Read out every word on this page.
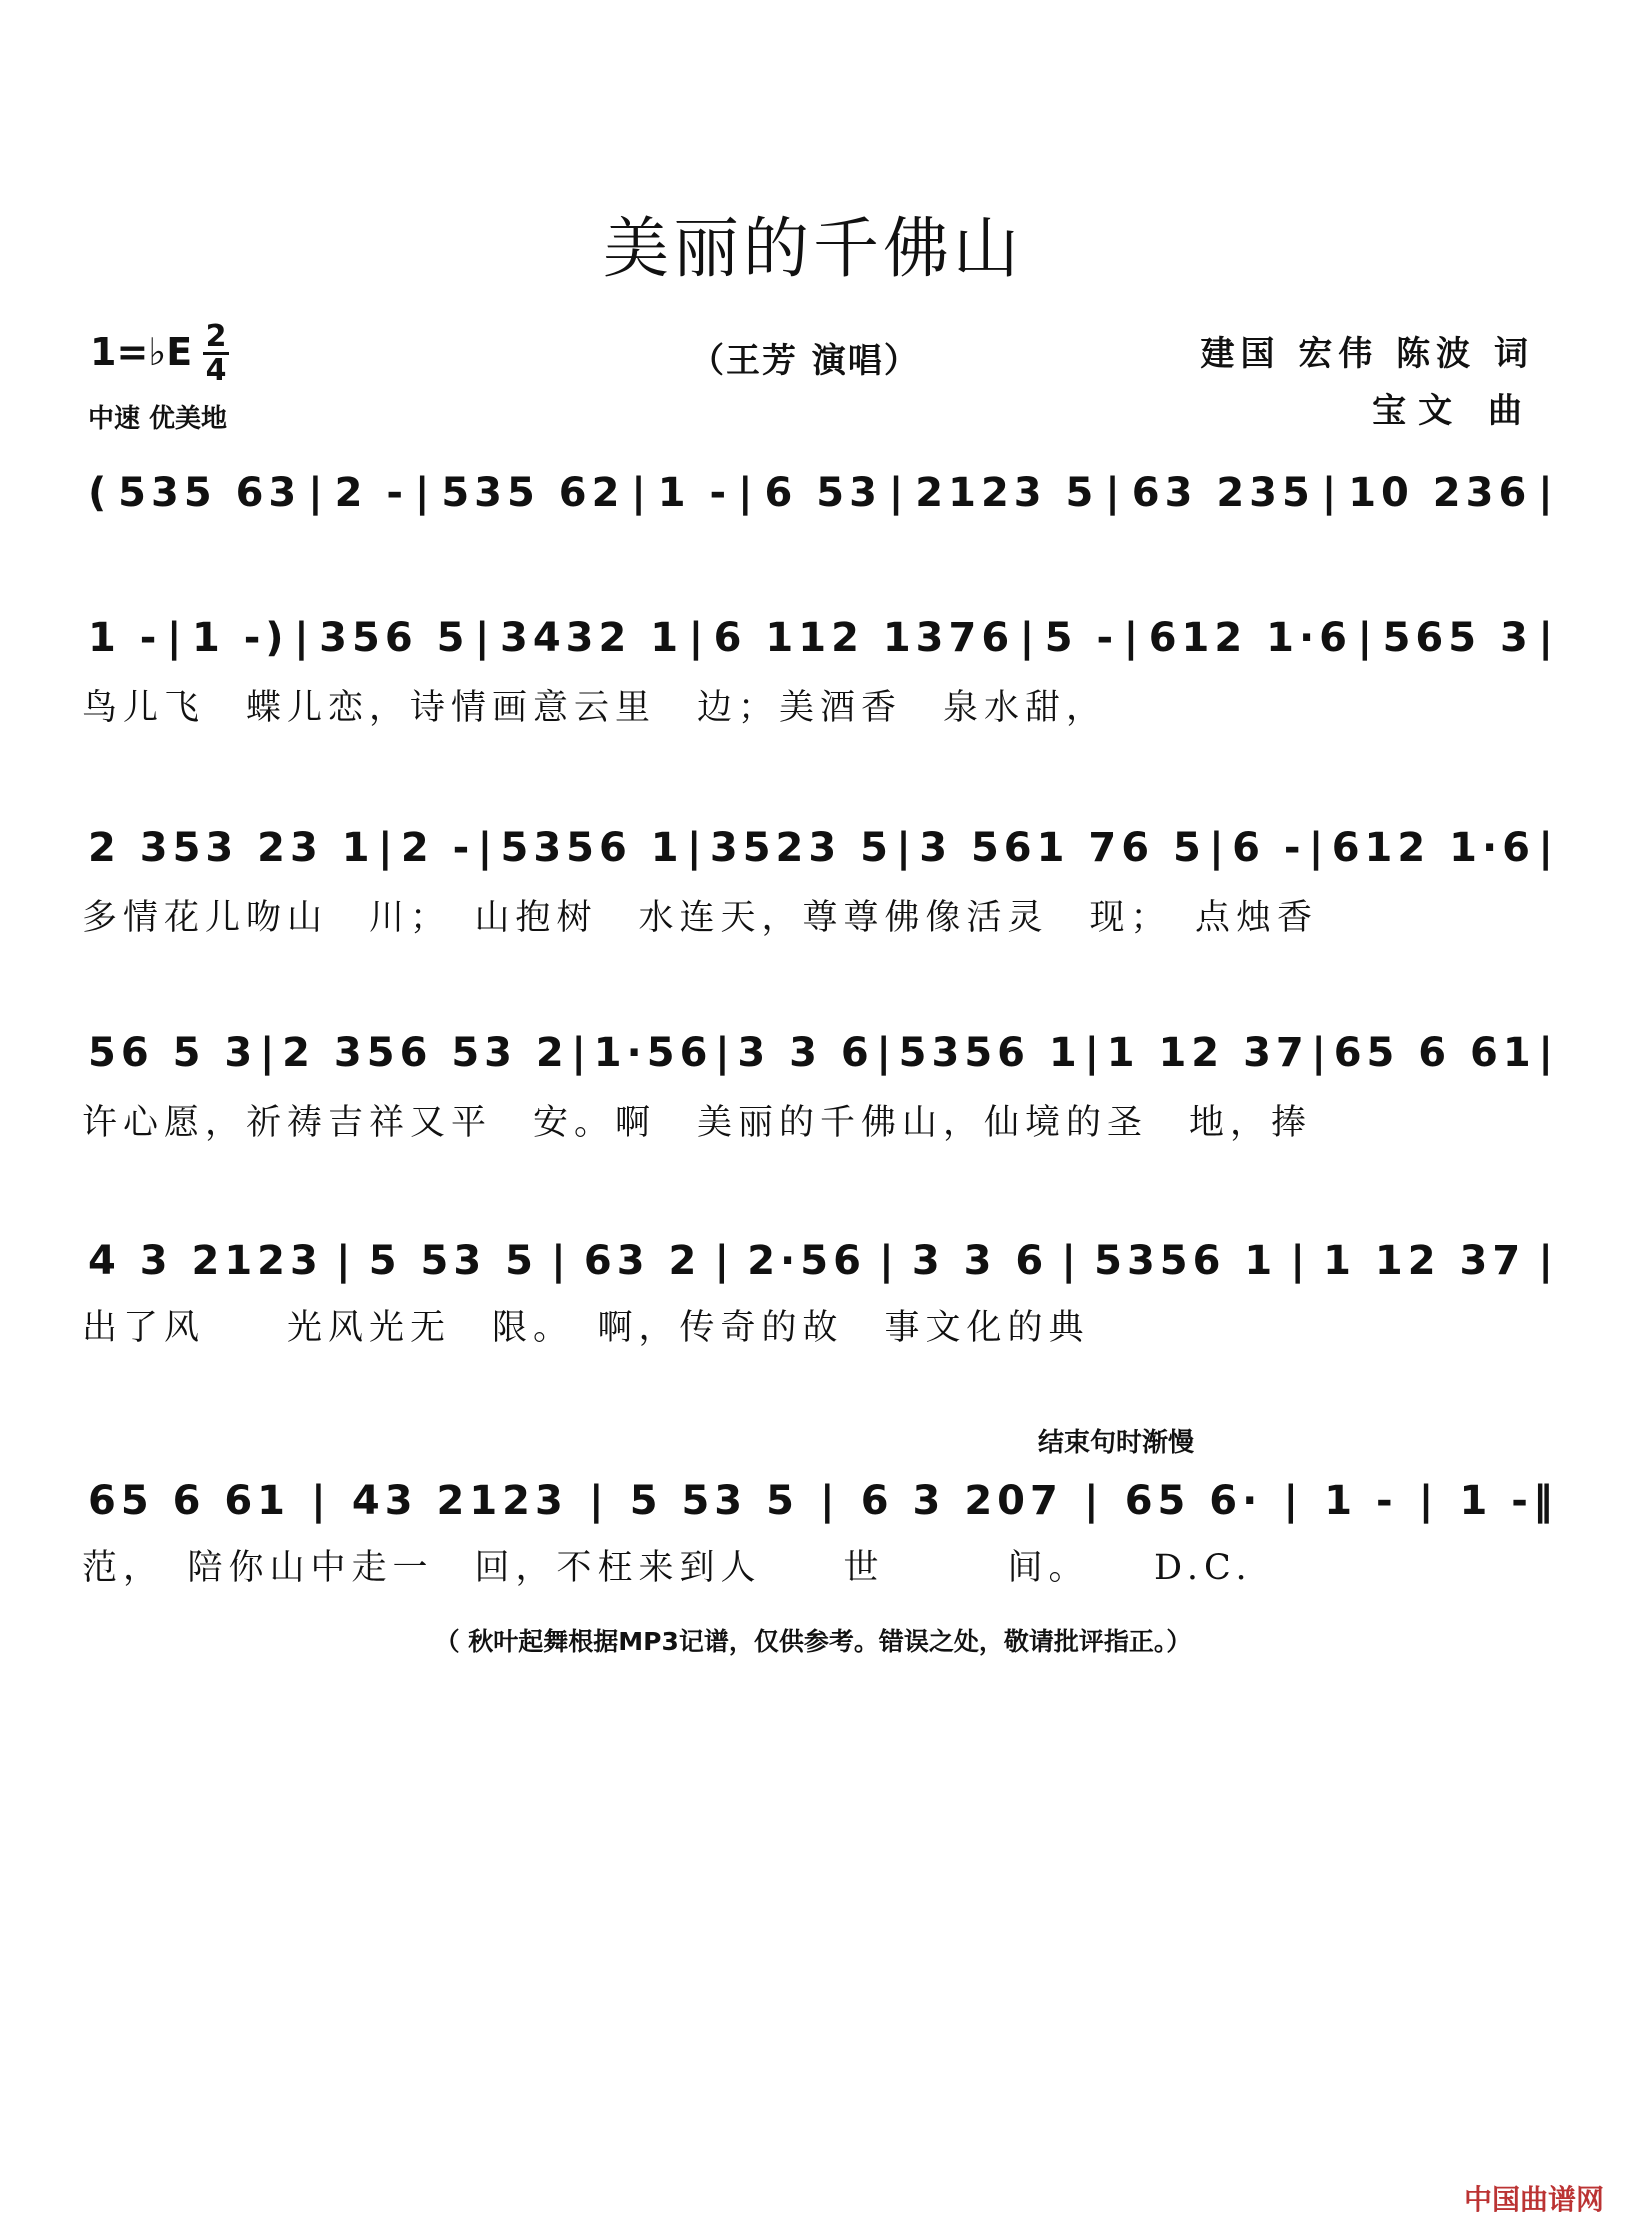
美丽的千佛山
1=♭E 2
4
中速 优美地
（王芳 演唱）	建国 宏伟 陈波 词
宝文 曲
( 535 63 | 2 - | 535 62 | 1 - | 6 53 | 2123 5 | 63 235 | 10 236 |
1 - | 1 -) | 356 5 | 3432 1 | 6 112 1376 | 5 - | 612 1·6 | 565 3 |
鸟儿飞　蝶儿恋，诗情画意云里　边；美酒香　泉水甜，
2 353 23 1 | 2 - | 5356 1 | 3523 5 | 3 561 76 5 | 6 - | 612 1·6 |
多情花儿吻山　川；　山抱树　水连天，尊尊佛像活灵　现；　点烛香
56 5 3 | 2 356 53 2 | 1·56 | 3 3 6 | 5356 1 | 1 12 37 | 65 6 61 |
许心愿，祈祷吉祥又平　安。啊　美丽的千佛山，仙境的圣　地，捧
4 3 2123 | 5 53 5 | 63 2 | 2·56 | 3 3 6 | 5356 1 | 1 12 37 |
出了风　　光风光无　限。　啊，传奇的故　事文化的典
结束句时渐慢
65 6 61 | 43 2123 | 5 53 5 | 6 3 207 | 65 6· | 1 - | 1 -‖
范，　陪你山中走一　回，不枉来到人　　世　　　间。　　D.C.
（ 秋叶起舞根据MP3记谱，仅供参考。错误之处，敬请批评指正。）
中国曲谱网
